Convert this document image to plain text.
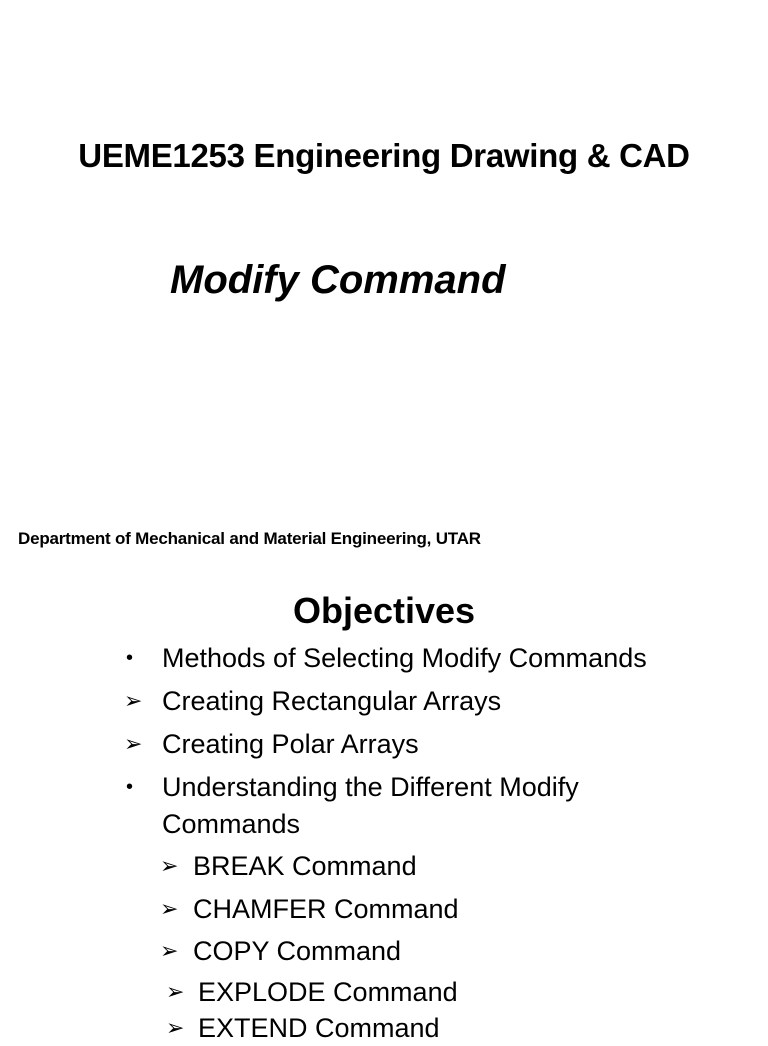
UEME1253 Engineering Drawing & CAD
Modify Command

Department of Mechanical and Material Engineering, UTAR

Objectives
• Methods of Selecting Modify Commands
➢ Creating Rectangular Arrays
➢ Creating Polar Arrays
• Understanding the Different Modify
Commands
➢ BREAK Command
➢ CHAMFER Command
➢ COPY Command
➢ EXPLODE Command
➢ EXTEND Command
